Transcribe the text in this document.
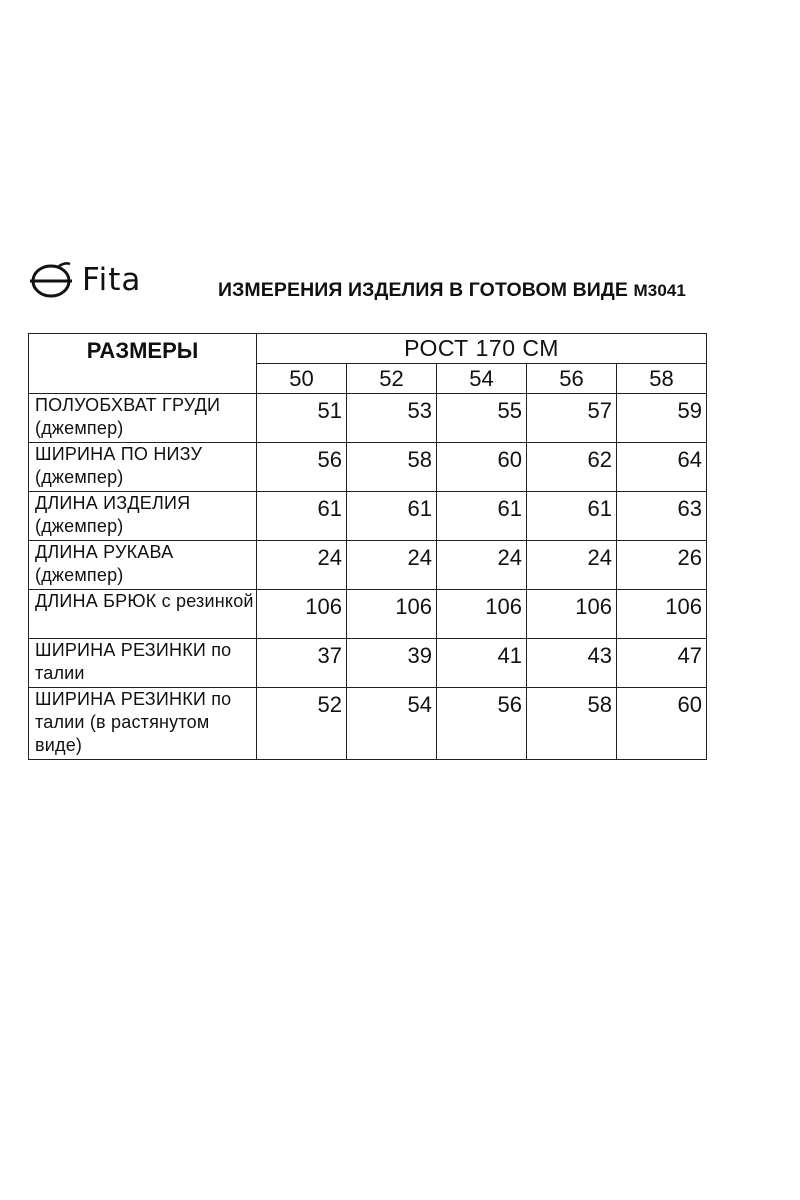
Fita	ИЗМЕРЕНИЯ ИЗДЕЛИЯ В ГОТОВОМ ВИДЕ M3041
РАЗМЕРЫ	РОСТ 170 СМ				
	50	52	54	56	58
ПОЛУОБХВАТ ГРУДИ (джемпер)	51	53	55	57	59
ШИРИНА ПО НИЗУ (джемпер)	56	58	60	62	64
ДЛИНА ИЗДЕЛИЯ (джемпер)	61	61	61	61	63
ДЛИНА РУКАВА (джемпер)	24	24	24	24	26
ДЛИНА БРЮК с резинкой	106	106	106	106	106
ШИРИНА РЕЗИНКИ по талии	37	39	41	43	47
ШИРИНА РЕЗИНКИ по талии (в растянутом виде)	52	54	56	58	60
